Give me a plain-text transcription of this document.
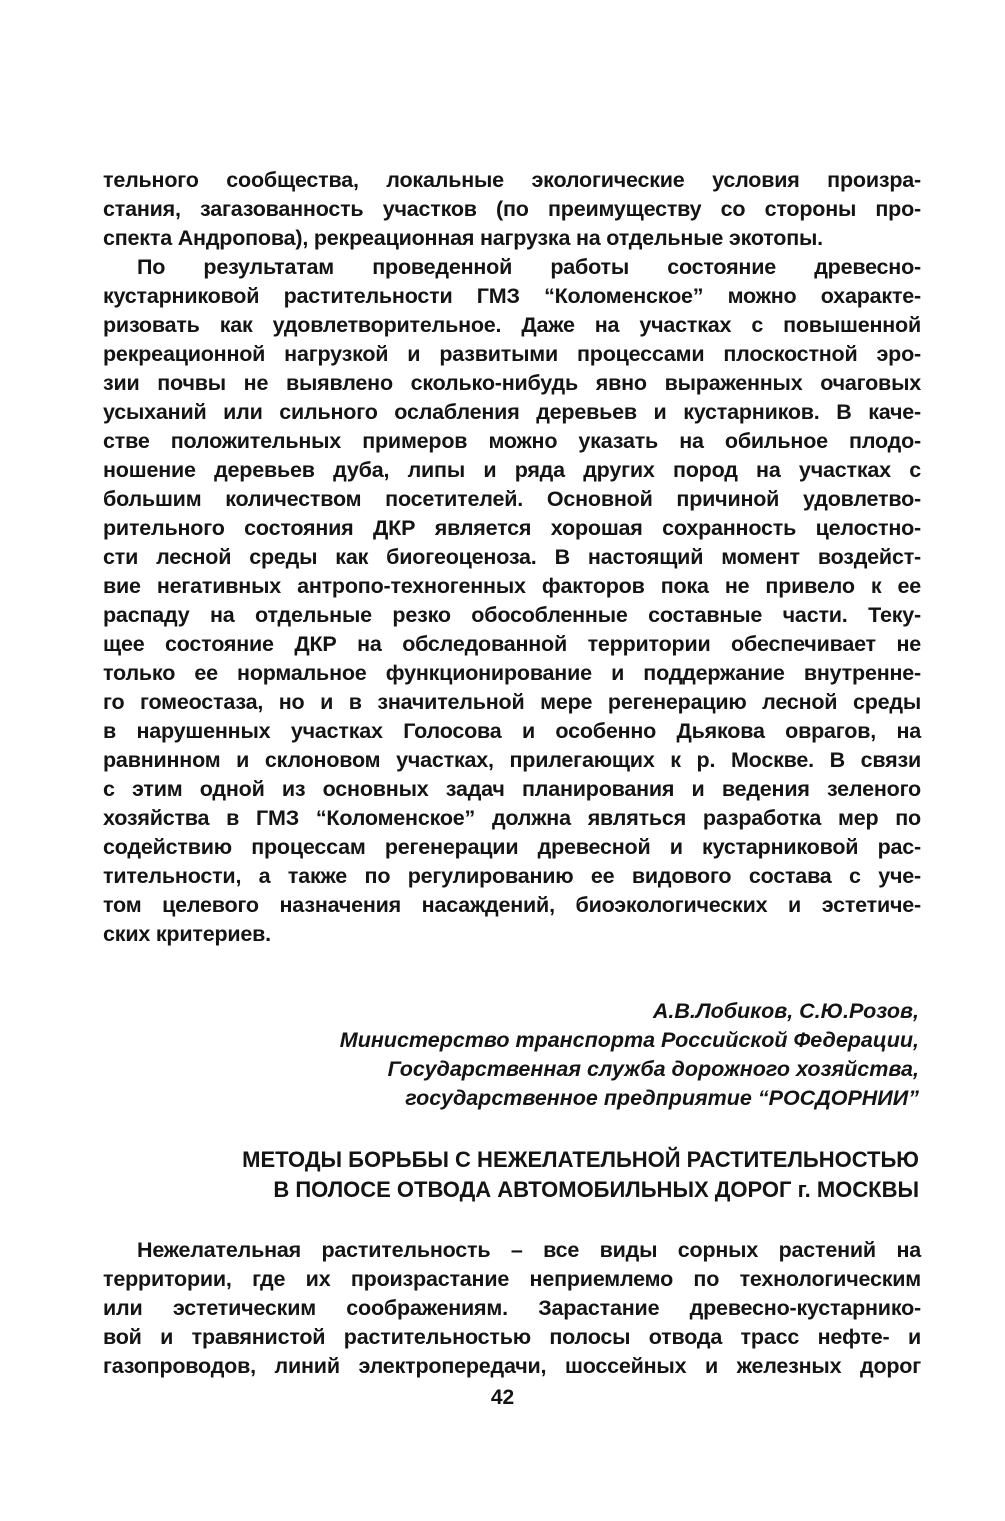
тельного сообщества, локальные экологические условия произра-
стания, загазованность участков (по преимуществу со стороны про-
спекта Андропова), рекреационная нагрузка на отдельные экотопы.
По результатам проведенной работы состояние древесно-
кустарниковой растительности ГМЗ “Коломенское” можно охаракте-
ризовать как удовлетворительное. Даже на участках с повышенной
рекреационной нагрузкой и развитыми процессами плоскостной эро-
зии почвы не выявлено сколько-нибудь явно выраженных очаговых
усыханий или сильного ослабления деревьев и кустарников. В каче-
стве положительных примеров можно указать на обильное плодо-
ношение деревьев дуба, липы и ряда других пород на участках с
большим количеством посетителей. Основной причиной удовлетво-
рительного состояния ДКР является хорошая сохранность целостно-
сти лесной среды как биогеоценоза. В настоящий момент воздейст-
вие негативных антропо-техногенных факторов пока не привело к ее
распаду на отдельные резко обособленные составные части. Теку-
щее состояние ДКР на обследованной территории обеспечивает не
только ее нормальное функционирование и поддержание внутренне-
го гомеостаза, но и в значительной мере регенерацию лесной среды
в нарушенных участках Голосова и особенно Дьякова оврагов, на
равнинном и склоновом участках, прилегающих к р. Москве. В связи
с этим одной из основных задач планирования и ведения зеленого
хозяйства в ГМЗ “Коломенское” должна являться разработка мер по
содействию процессам регенерации древесной и кустарниковой рас-
тительности, а также по регулированию ее видового состава с уче-
том целевого назначения насаждений, биоэкологических и эстетиче-
ских критериев.
А.В.Лобиков, С.Ю.Розов,
Министерство транспорта Российской Федерации,
Государственная служба дорожного хозяйства,
государственное предприятие “РОСДОРНИИ”
МЕТОДЫ БОРЬБЫ С НЕЖЕЛАТЕЛЬНОЙ РАСТИТЕЛЬНОСТЬЮ
В ПОЛОСЕ ОТВОДА АВТОМОБИЛЬНЫХ ДОРОГ г. МОСКВЫ
Нежелательная растительность – все виды сорных растений на
территории, где их произрастание неприемлемо по технологическим
или эстетическим соображениям. Зарастание древесно-кустарнико-
вой и травянистой растительностью полосы отвода трасс нефте- и
газопроводов, линий электропередачи, шоссейных и железных дорог
42
